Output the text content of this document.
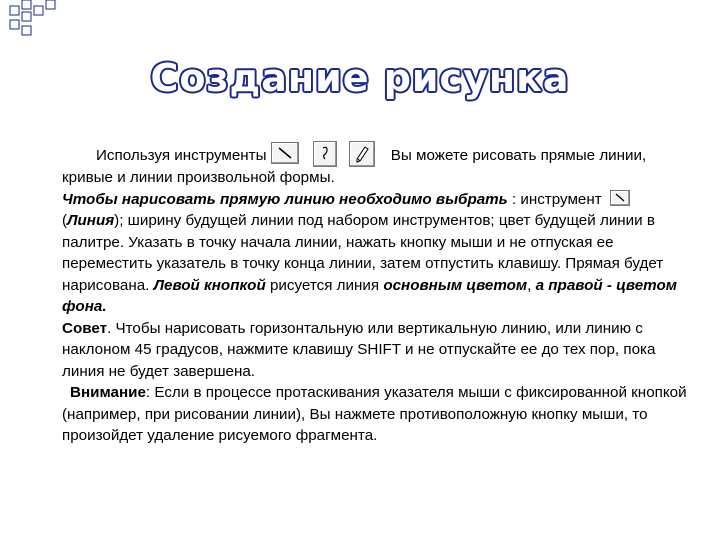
Создание рисунка

Используя инструменты	Вы можете рисовать прямые линии, кривые и линии произвольной формы.

Чтобы нарисовать прямую линию необходимо выбрать : инструмент
(Линия); ширину будущей линии под набором инструментов; цвет будущей линии в палитре. Указать в точку начала линии, нажать кнопку мыши и не отпуская ее переместить указатель в точку конца линии, затем отпустить клавишу. Прямая будет нарисована. Левой кнопкой рисуется линия основным цветом, а правой - цветом фона.

Совет. Чтобы нарисовать горизонтальную или вертикальную линию, или линию с наклоном 45 градусов, нажмите клавишу SHIFT и не отпускайте ее до тех пор, пока линия не будет завершена.

Внимание: Если в процессе протаскивания указателя мыши с фиксированной кнопкой (например, при рисовании линии), Вы нажмете противоположную кнопку мыши, то произойдет удаление рисуемого фрагмента.
